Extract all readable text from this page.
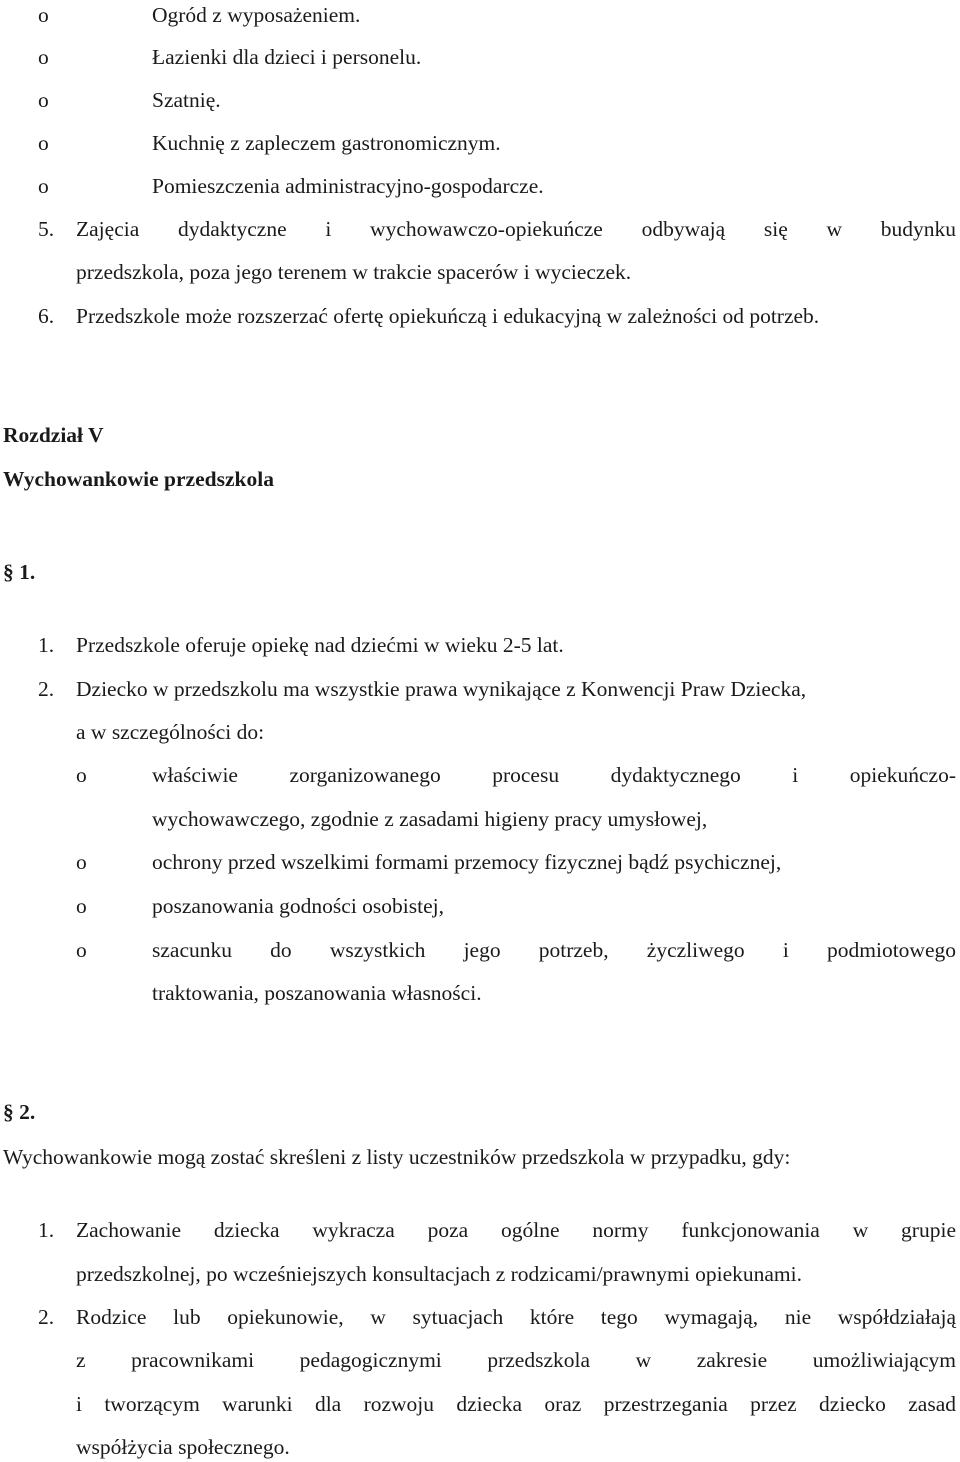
o	Ogród z wyposażeniem.
o	Łazienki dla dzieci i personelu.
o	Szatnię.
o	Kuchnię z zapleczem gastronomicznym.
o	Pomieszczenia administracyjno-gospodarcze.
5. Zajęcia dydaktyczne i wychowawczo-opiekuńcze odbywają się w budynku
przedszkola, poza jego terenem w trakcie spacerów i wycieczek.
6. Przedszkole może rozszerzać ofertę opiekuńczą i edukacyjną w zależności od potrzeb.
Rozdział V
Wychowankowie przedszkola
§ 1.
1. Przedszkole oferuje opiekę nad dziećmi w wieku 2-5 lat.
2. Dziecko w przedszkolu ma wszystkie prawa wynikające z Konwencji Praw Dziecka,
a w szczególności do:
o	właściwie zorganizowanego procesu dydaktycznego i opiekuńczo-
wychowawczego, zgodnie z zasadami higieny pracy umysłowej,
o	ochrony przed wszelkimi formami przemocy fizycznej bądź psychicznej,
o	poszanowania godności osobistej,
o	szacunku do wszystkich jego potrzeb, życzliwego i podmiotowego
traktowania, poszanowania własności.
§ 2.
Wychowankowie mogą zostać skreśleni z listy uczestników przedszkola w przypadku, gdy:
1. Zachowanie dziecka wykracza poza ogólne normy funkcjonowania w grupie
przedszkolnej, po wcześniejszych konsultacjach z rodzicami/prawnymi opiekunami.
2. Rodzice lub opiekunowie, w sytuacjach które tego wymagają, nie współdziałają
z pracownikami pedagogicznymi przedszkola w zakresie umożliwiającym
i tworzącym warunki dla rozwoju dziecka oraz przestrzegania przez dziecko zasad
współżycia społecznego.
